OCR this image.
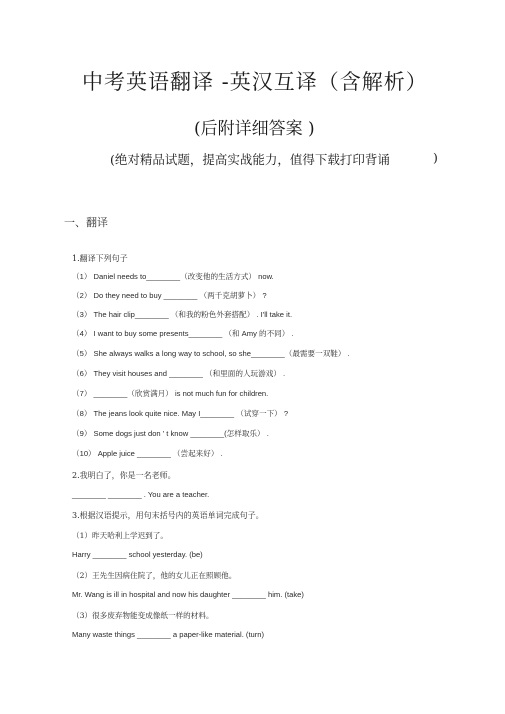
中考英语翻译 -英汉互译（含解析）
(后附详细答案 )
(绝对精品试题，提高实战能力，值得下载打印背诵	)
一、翻译
1.翻译下列句子
（1） Daniel needs to________（改变他的生活方式） now.
（2） Do they need to buy ________ （两千克胡萝卜） ?
（3） The hair clip________ （和我的粉色外套搭配） . I'll take it.
（4） I want to buy some presents________ （和 Amy 的不同） .
（5） She always walks a long way to school, so she________（最需要一双鞋） .
（6） They visit houses and ________ （和里面的人玩游戏） .
（7） ________（欣赏满月） is not much fun for children.
（8） The jeans look quite nice. May I________ （试穿一下） ?
（9） Some dogs just don ’ t know ________(怎样取乐） .
（10） Apple juice ________ （尝起来好） .
2.我明白了，你是一名老师。
________ ________ . You are a teacher.
3.根据汉语提示，用句末括号内的英语单词完成句子。
（1）昨天哈利上学迟到了。
Harry ________ school yesterday. (be)
（2）王先生因病住院了，他的女儿正在照顾他。
Mr. Wang is ill in hospital and now his daughter ________ him. (take)
（3）很多废弃物能变成像纸一样的材料。
Many waste things ________ a paper-like material. (turn)
